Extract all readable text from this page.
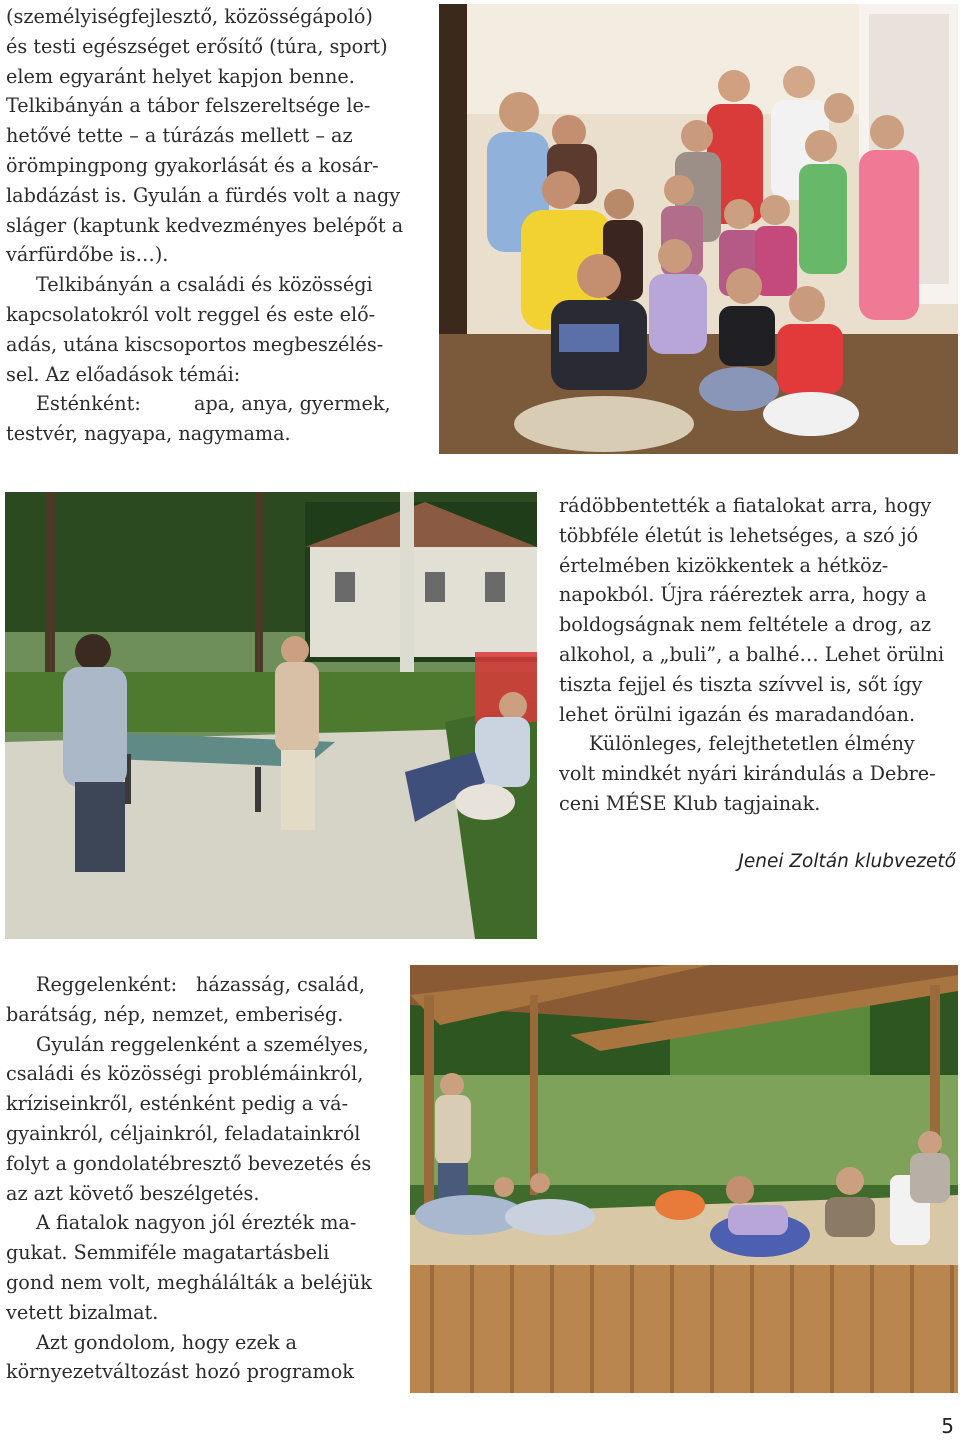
(személyiségfejlesztő, közösségápoló)

és testi egészséget erősítő (túra, sport)

elem egyaránt helyet kapjon benne.

Telkibányán a tábor felszereltsége le-

hetővé tette – a túrázás mellett – az

örömpingpong gyakorlását és a kosár-

labdázást is. Gyulán a fürdés volt a nagy

sláger (kaptunk kedvezményes belépőt a

várfürdőbe is…).

Telkibányán a családi és közösségi

kapcsolatokról volt reggel és este elő-

adás, utána kiscsoportos megbeszélés-

sel. Az előadások témái:

Esténként:	apa, anya, gyermek,

testvér, nagyapa, nagymama.

rádöbbentették a fiatalokat arra, hogy

többféle életút is lehetséges, a szó jó

értelmében kizökkentek a hétköz-

napokból. Újra ráéreztek arra, hogy a

boldogságnak nem feltétele a drog, az

alkohol, a „buli”, a balhé… Lehet örülni

tiszta fejjel és tiszta szívvel is, sőt így

lehet örülni igazán és maradandóan.

Különleges, felejthetetlen élmény

volt mindkét nyári kirándulás a Debre-

ceni MÉSE Klub tagjainak.

Jenei Zoltán klubvezető

Reggelenként: házasság, család,

barátság, nép, nemzet, emberiség.

Gyulán reggelenként a személyes,

családi és közösségi problémáinkról,

kríziseinkről, esténként pedig a vá-

gyainkról, céljainkról, feladatainkról

folyt a gondolatébresztő bevezetés és

az azt követő beszélgetés.

A fiatalok nagyon jól érezték ma-

gukat. Semmiféle magatartásbeli

gond nem volt, meghálálták a beléjük

vetett bizalmat.

Azt gondolom, hogy ezek a

környezetváltozást hozó programok

5
